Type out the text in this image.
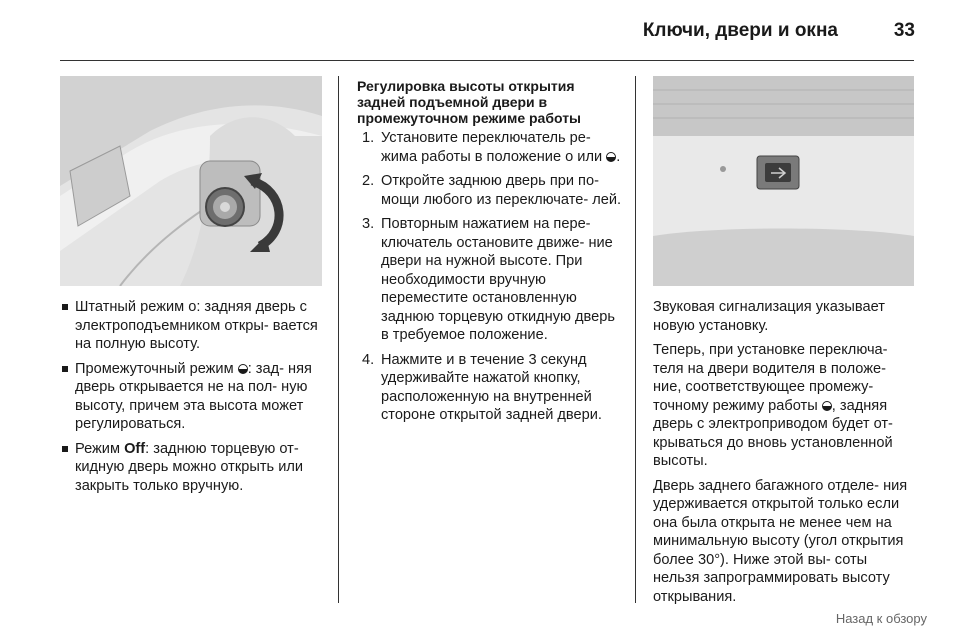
Ключи, двери и окна	33
Штатный режим о: задняя дверь с электроподъемником откры- вается на полную высоту.
Промежуточный режим : зад- няя дверь открывается не на пол- ную высоту, причем эта высота может регулироваться.
Режим Off: заднюю торцевую от- кидную дверь можно открыть или закрыть только вручную.
Регулировка высоты открытия задней подъемной двери в промежуточном режиме работы
1. Установите переключатель ре- жима работы в положение о или .
2. Откройте заднюю дверь при по- мощи любого из переключате- лей.
3. Повторным нажатием на пере- ключатель остановите движе- ние двери на нужной высоте. При необходимости вручную переместите остановленную заднюю торцевую откидную дверь в требуемое положение.
4. Нажмите и в течение 3 секунд удерживайте нажатой кнопку, расположенную на внутренней стороне открытой задней двери.

Звуковая сигнализация указывает новую установку.

Теперь, при установке переключа- теля на двери водителя в положе- ние, соответствующее промежу- точному режиму работы , задняя дверь с электроприводом будет от- крываться до вновь установленной высоты.

Дверь заднего багажного отделе- ния удерживается открытой только если она была открыта не менее чем на минимальную высоту (угол открытия более 30°). Ниже этой вы- соты нельзя запрограммировать высоту открывания.

Назад к обзору
